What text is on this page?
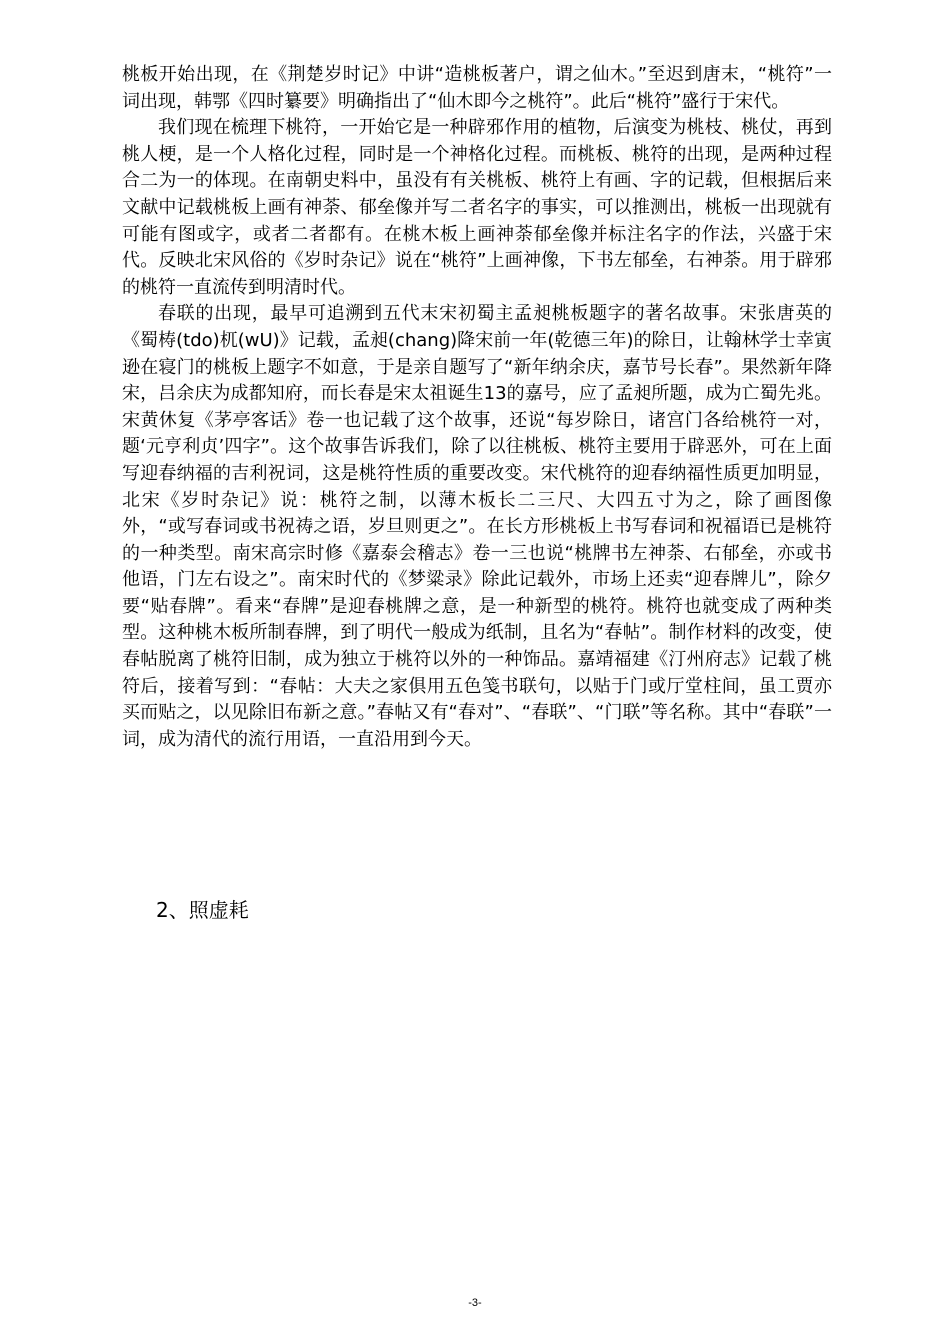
桃板开始出现，在《荆楚岁时记》中讲“造桃板著户，谓之仙木。”至迟到唐末，“桃符”一词出现，韩鄂《四时纂要》明确指出了“仙木即今之桃符”。此后“桃符”盛行于宋代。

我们现在梳理下桃符，一开始它是一种辟邪作用的植物，后演变为桃枝、桃仗，再到桃人梗，是一个人格化过程，同时是一个神格化过程。而桃板、桃符的出现，是两种过程合二为一的体现。在南朝史料中，虽没有有关桃板、桃符上有画、字的记载，但根据后来文献中记载桃板上画有神荼、郁垒像并写二者名字的事实，可以推测出，桃板一出现就有可能有图或字，或者二者都有。在桃木板上画神荼郁垒像并标注名字的作法，兴盛于宋代。反映北宋风俗的《岁时杂记》说在“桃符”上画神像，下书左郁垒，右神荼。用于辟邪的桃符一直流传到明清时代。

春联的出现，最早可追溯到五代末宋初蜀主孟昶桃板题字的著名故事。宋张唐英的《蜀梼(tdo)杌(wU)》记载，孟昶(chang)降宋前一年(乾德三年)的除日，让翰林学士幸寅逊在寝门的桃板上题字不如意，于是亲自题写了“新年纳余庆，嘉节号长春”。果然新年降宋，吕余庆为成都知府，而长春是宋太祖诞生13的嘉号，应了孟昶所题，成为亡蜀先兆。宋黄休复《茅亭客话》卷一也记载了这个故事，还说“每岁除日，诸宫门各给桃符一对，题‘元亨利贞’四字”。这个故事告诉我们，除了以往桃板、桃符主要用于辟恶外，可在上面写迎春纳福的吉利祝词，这是桃符性质的重要改变。宋代桃符的迎春纳福性质更加明显，北宋《岁时杂记》说：桃符之制，以薄木板长二三尺、大四五寸为之，除了画图像外，“或写春词或书祝祷之语，岁旦则更之”。在长方形桃板上书写春词和祝福语已是桃符的一种类型。南宋高宗时修《嘉泰会稽志》卷一三也说“桃牌书左神荼、右郁垒，亦或书他语，门左右设之”。南宋时代的《梦粱录》除此记载外，市场上还卖“迎春牌儿”，除夕要“贴春牌”。看来“春牌”是迎春桃牌之意，是一种新型的桃符。桃符也就变成了两种类型。这种桃木板所制春牌，到了明代一般成为纸制，且名为“春帖”。制作材料的改变，使春帖脱离了桃符旧制，成为独立于桃符以外的一种饰品。嘉靖福建《汀州府志》记载了桃符后，接着写到：“春帖：大夫之家俱用五色笺书联句，以贴于门或厅堂柱间，虽工贾亦买而贴之，以见除旧布新之意。”春帖又有“春对”、“春联”、“门联”等名称。其中“春联”一词，成为清代的流行用语，一直沿用到今天。

2、照虚耗
-3-
